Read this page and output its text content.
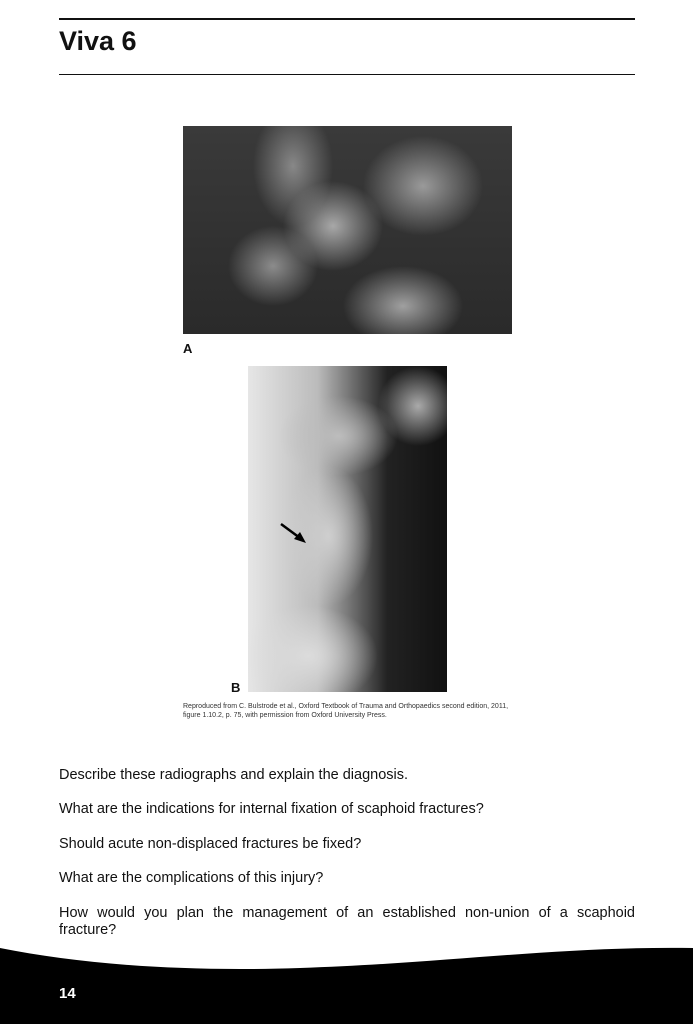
Viva 6
A
B
Reproduced from C. Bulstrode et al., Oxford Textbook of Trauma and Orthopaedics second edition, 2011, figure 1.10.2, p. 75, with permission from Oxford University Press.

Describe these radiographs and explain the diagnosis.

What are the indications for internal fixation of scaphoid fractures?

Should acute non-displaced fractures be fixed?

What are the complications of this injury?

How would you plan the management of an established non-union of a scaphoid fracture?

14
